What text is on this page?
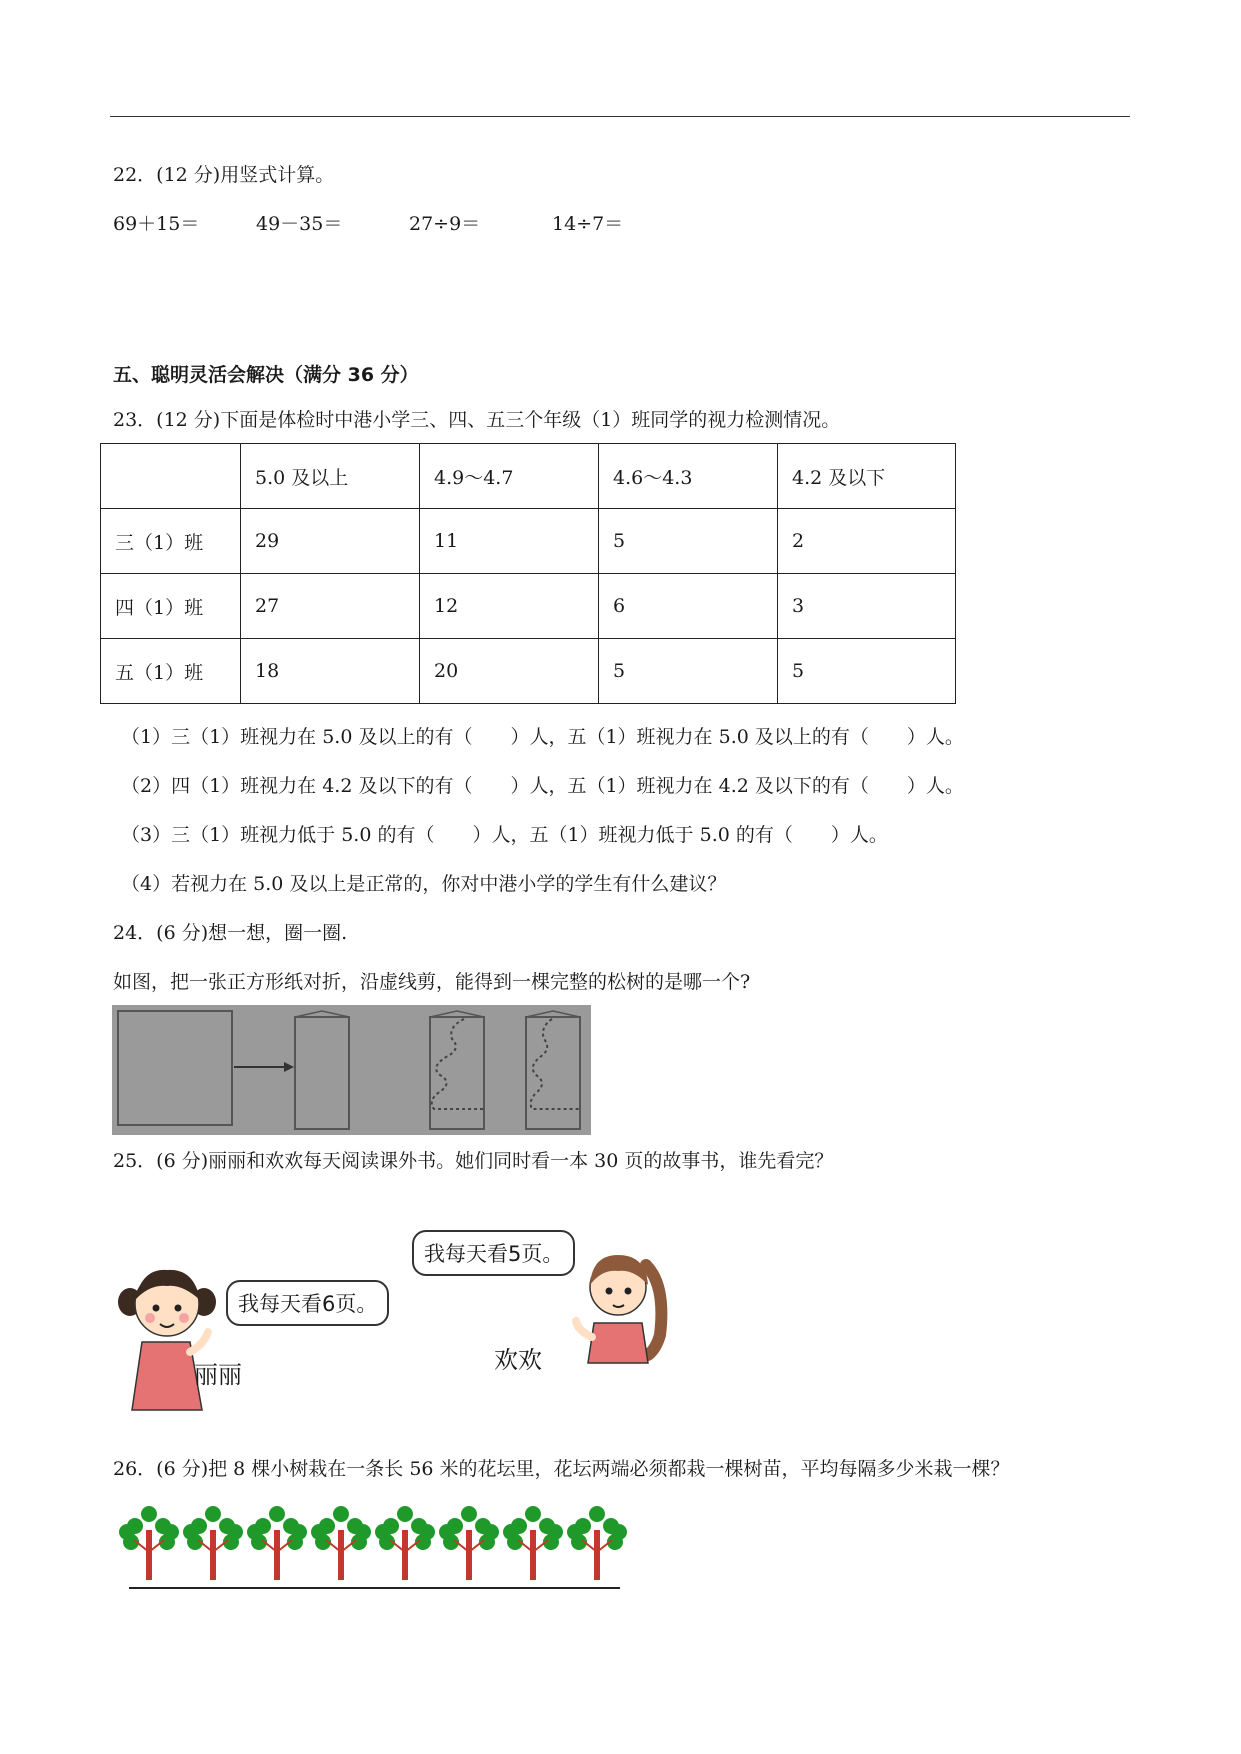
22．(12 分)用竖式计算。
69＋15＝	49－35＝	27÷9＝	14÷7＝
五、聪明灵活会解决（满分 36 分）
23．(12 分)下面是体检时中港小学三、四、五三个年级（1）班同学的视力检测情况。
	5.0 及以上	4.9～4.7	4.6～4.3	4.2 及以下
三（1）班	29	11	5	2
四（1）班	27	12	6	3
五（1）班	18	20	5	5
（1）三（1）班视力在 5.0 及以上的有（　　）人，五（1）班视力在 5.0 及以上的有（　　）人。
（2）四（1）班视力在 4.2 及以下的有（　　）人，五（1）班视力在 4.2 及以下的有（　　）人。
（3）三（1）班视力低于 5.0 的有（　　）人，五（1）班视力低于 5.0 的有（　　）人。
（4）若视力在 5.0 及以上是正常的，你对中港小学的学生有什么建议？
24．(6 分)想一想，圈一圈.
如图，把一张正方形纸对折，沿虚线剪，能得到一棵完整的松树的是哪一个?
25．(6 分)丽丽和欢欢每天阅读课外书。她们同时看一本 30 页的故事书，谁先看完？
我每天看6页。
我每天看5页。
丽丽
欢欢
26．(6 分)把 8 棵小树栽在一条长 56 米的花坛里，花坛两端必须都栽一棵树苗，平均每隔多少米栽一棵？
